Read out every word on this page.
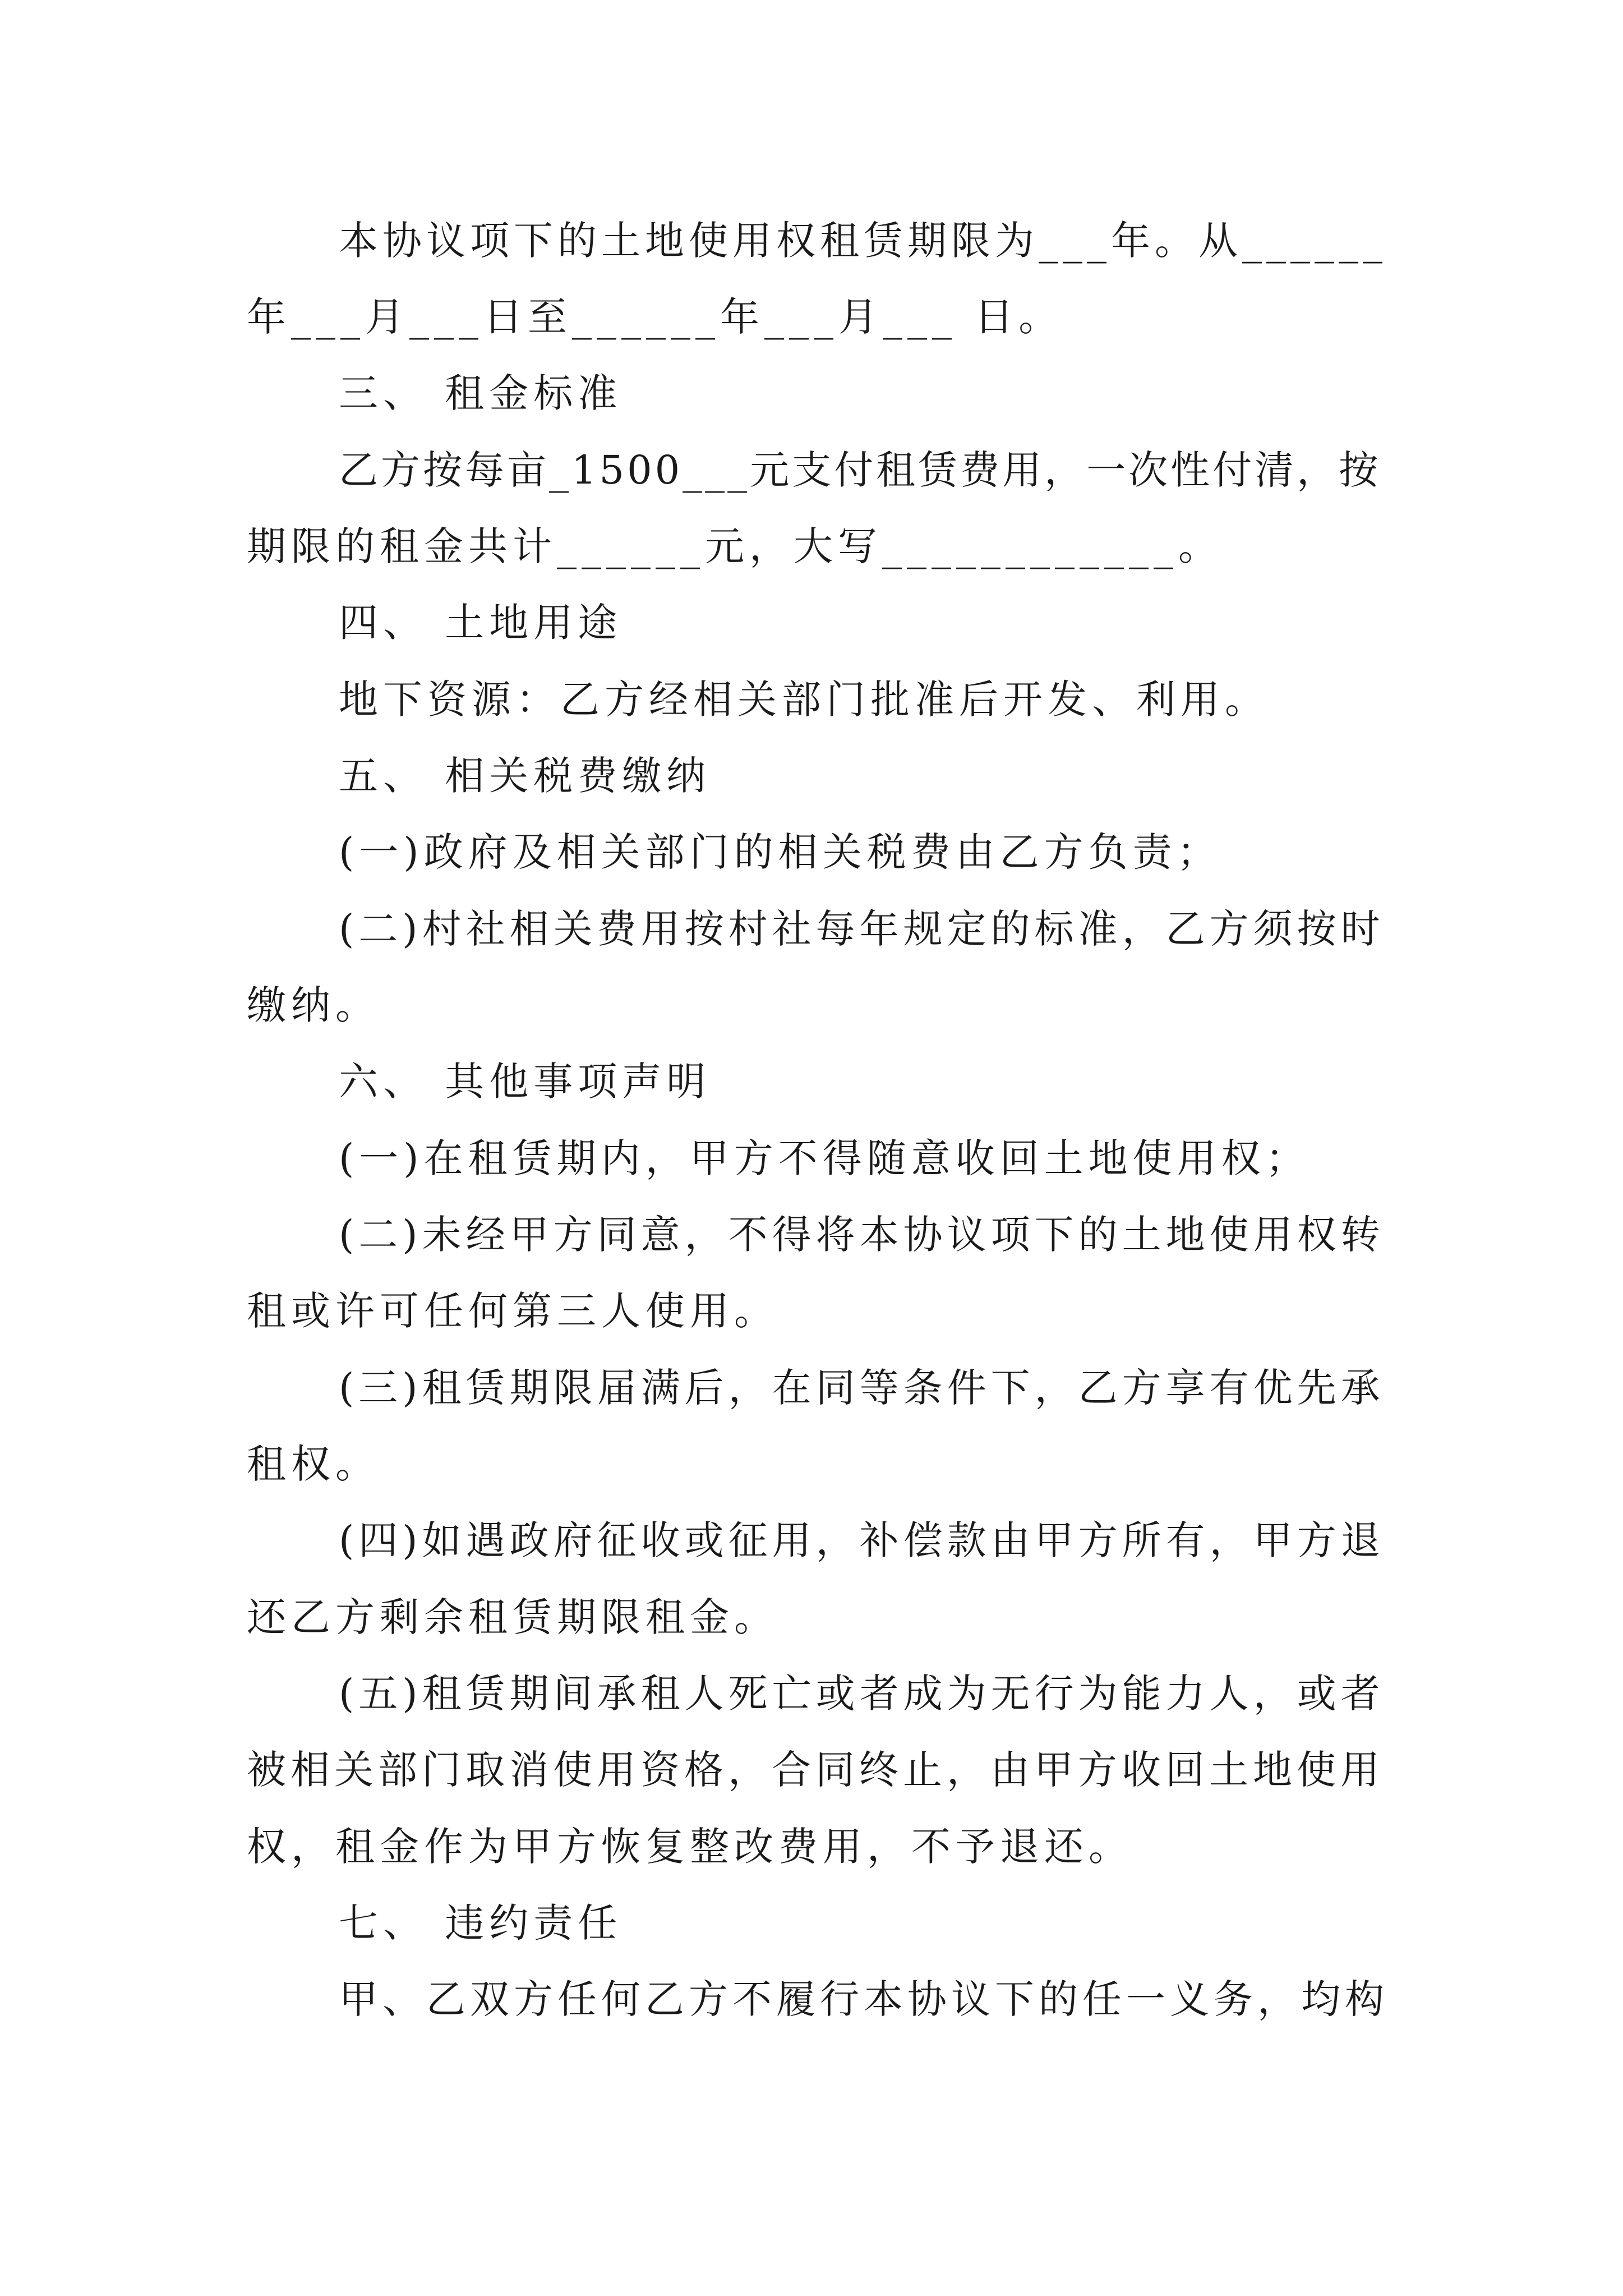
本协议项下的土地使用权租赁期限为___年。从______

年___月___日至______年___月___ 日。

三、 租金标准

乙方按每亩_1500___元支付租赁费用，一次性付清，按

期限的租金共计______元，大写____________。

四、 土地用途

地下资源：乙方经相关部门批准后开发、利用。

五、 相关税费缴纳

(一)政府及相关部门的相关税费由乙方负责；

(二)村社相关费用按村社每年规定的标准，乙方须按时

缴纳。

六、 其他事项声明

(一)在租赁期内，甲方不得随意收回土地使用权；

(二)未经甲方同意，不得将本协议项下的土地使用权转

租或许可任何第三人使用。

(三)租赁期限届满后，在同等条件下，乙方享有优先承

租权。

(四)如遇政府征收或征用，补偿款由甲方所有，甲方退

还乙方剩余租赁期限租金。

(五)租赁期间承租人死亡或者成为无行为能力人，或者

被相关部门取消使用资格，合同终止，由甲方收回土地使用

权，租金作为甲方恢复整改费用，不予退还。

七、 违约责任

甲、乙双方任何乙方不履行本协议下的任一义务，均构
